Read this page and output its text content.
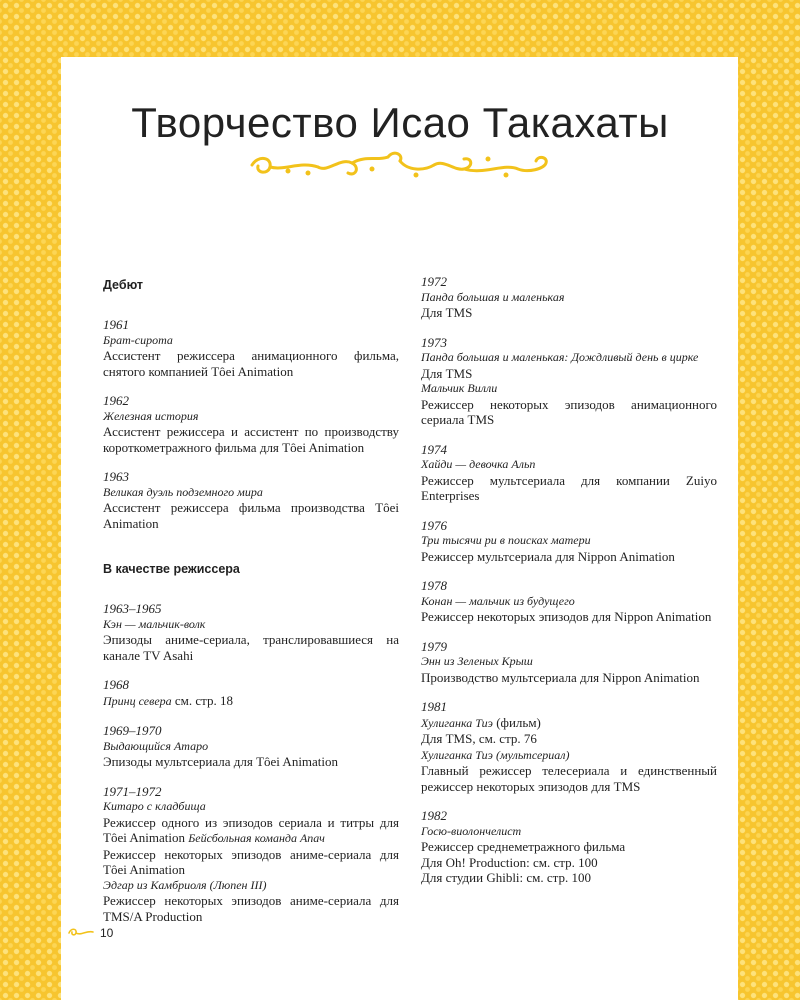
Творчество Исао Такахаты
Дебют
1961
Брат-сирота
Ассистент режиссера анимационного фильма, снятого компанией Tôei Animation
1962
Железная история
Ассистент режиссера и ассистент по производству короткометражного фильма для Tôei Animation
1963
Великая дуэль подземного мира
Ассистент режиссера фильма производства Tôei Animation
В качестве режиссера
1963–1965
Кэн — мальчик-волк
Эпизоды аниме-сериала, транслировавшиеся на канале TV Asahi
1968
Принц севера см. стр. 18
1969–1970
Выдающийся Атаро
Эпизоды мультсериала для Tôei Animation
1971–1972
Китаро с кладбища
Режиссер одного из эпизодов сериала и титры для Tôei Animation Бейсбольная команда Апач
Режиссер некоторых эпизодов аниме-сериала для Tôei Animation
Эдгар из Камбриоля (Люпен III)
Режиссер некоторых эпизодов аниме-сериала для TMS/A Production
1972
Панда большая и маленькая
Для TMS
1973
Панда большая и маленькая: Дождливый день в цирке
Для TMS
Мальчик Вилли
Режиссер некоторых эпизодов анимационного сериала TMS
1974
Хайди — девочка Альп
Режиссер мультсериала для компании Zuiyo Enterprises
1976
Три тысячи ри в поисках матери
Режиссер мультсериала для Nippon Animation
1978
Конан — мальчик из будущего
Режиссер некоторых эпизодов для Nippon Animation
1979
Энн из Зеленых Крыш
Производство мультсериала для Nippon Animation
1981
Хулиганка Тиэ (фильм)
Для TMS, см. стр. 76
Хулиганка Тиэ (мультсериал)
Главный режиссер телесериала и единственный режиссер некоторых эпизодов для TMS
1982
Гоcю-виолончелист
Режиссер среднеметражного фильма
Для Oh! Production: см. стр. 100
Для студии Ghibli: см. стр. 100
10
